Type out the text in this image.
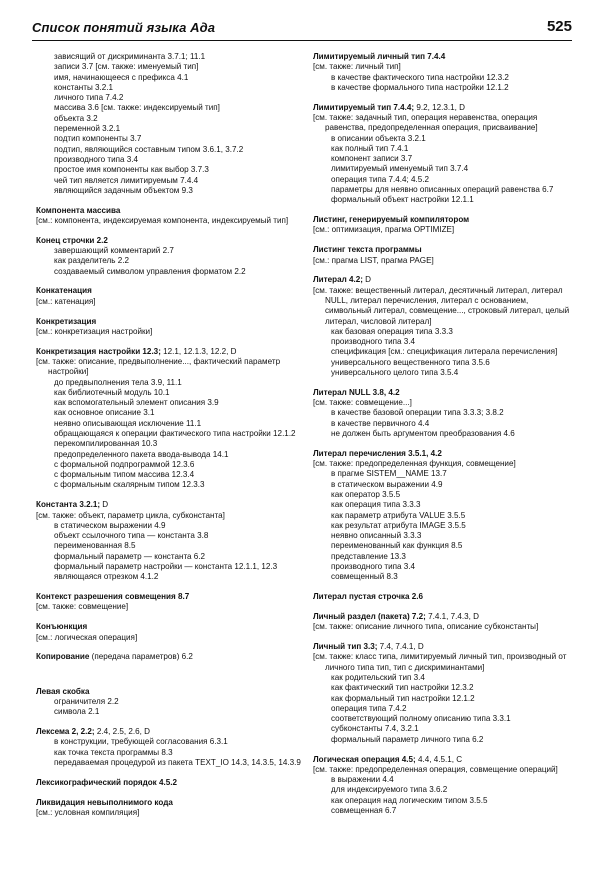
Список понятий языка Ада	525
зависящий от дискриминанта 3.7.1; 11.1
записи 3.7 [см. также: именуемый тип]
имя, начинающееся с префикса 4.1
константы 3.2.1
личного типа 7.4.2
массива 3.6 [см. также: индексируемый тип]
объекта 3.2
переменной 3.2.1
подтип компоненты 3.7
подтип, являющийся составным типом 3.6.1, 3.7.2
производного типа 3.4
простое имя компоненты как выбор 3.7.3
чей тип является лимитируемым 7.4.4
являющийся задачным объектом 9.3
Компонента массива
[см.: компонента, индексируемая компонента, индексируемый тип]
Конец строчки 2.2
завершающий комментарий 2.7
как разделитель 2.2
создаваемый символом управления форматом 2.2
Конкатенация
[см.: катенация]
Конкретизация
[см.: конкретизация настройки]
Конкретизация настройки 12.3; 12.1, 12.1.3, 12.2, D
[см. также: описание, предвыполнение..., фактический параметр настройки]
до предвыполнения тела 3.9, 11.1
как библиотечный модуль 10.1
как вспомогательный элемент описания 3.9
как основное описание 3.1
неявно описывающая исключение 11.1
обращающаяся к операции фактического типа настройки 12.1.2
перекомпилированная 10.3
предопределенного пакета ввода-вывода 14.1
с формальной подпрограммой 12.3.6
с формальным типом массива 12.3.4
с формальным скалярным типом 12.3.3
Константа 3.2.1; D
[см. также: объект, параметр цикла, субконстанта]
в статическом выражении 4.9
объект ссылочного типа — константа 3.8
переименованная 8.5
формальный параметр — константа 6.2
формальный параметр настройки — константа 12.1.1, 12.3
являющаяся отрезком 4.1.2
Контекст разрешения совмещения 8.7
[см. также: совмещение]
Конъюнкция
[см.: логическая операция]
Копирование (передача параметров) 6.2
Левая скобка
ограничителя 2.2
символа 2.1
Лексема 2, 2.2; 2.4, 2.5, 2.6, D
в конструкции, требующей согласования 6.3.1
как точка текста программы 8.3
передаваемая процедурой из пакета TEXT_IO 14.3, 14.3.5, 14.3.9
Лексикографический порядок 4.5.2
Ликвидация невыполнимого кода
[см.: условная компиляция]
Лимитируемый личный тип 7.4.4
[см. также: личный тип]
в качестве фактического типа настройки 12.3.2
в качестве формального типа настройки 12.1.2
Лимитируемый тип 7.4.4; 9.2, 12.3.1, D
[см. также: задачный тип, операция неравенства, операция равенства, предопределенная операция, присваивание]
в описании объекта 3.2.1
как полный тип 7.4.1
компонент записи 3.7
лимитируемый именуемый тип 3.7.4
операция типа 7.4.4; 4.5.2
параметры для неявно описанных операций равенства 6.7
формальный объект настройки 12.1.1
Листинг, генерируемый компилятором
[см.: оптимизация, прагма OPTIMIZE]
Листинг текста программы
[см.: прагма LIST, прагма PAGE]
Литерал 4.2; D
[см. также: вещественный литерал, десятичный литерал, литерал NULL, литерал перечисления, литерал с основанием, символьный литерал, совмещение..., строковый литерал, целый литерал, числовой литерал]
как базовая операция типа 3.3.3
производного типа 3.4
спецификация [см.: спецификация литерала перечисления]
универсального вещественного типа 3.5.6
универсального целого типа 3.5.4
Литерал NULL 3.8, 4.2
[см. также: совмещение...]
в качестве базовой операции типа 3.3.3; 3.8.2
в качестве первичного 4.4
не должен быть аргументом преобразования 4.6
Литерал перечисления 3.5.1, 4.2
[см. также: предопределенная функция, совмещение]
в прагме SISTEM__NAME 13.7
в статическом выражении 4.9
как оператор 3.5.5
как операция типа 3.3.3
как параметр атрибута VALUE 3.5.5
как результат атрибута IMAGE 3.5.5
неявно описанный 3.3.3
переименованный как функция 8.5
представление 13.3
производного типа 3.4
совмещенный 8.3
Литерал пустая строчка 2.6
Личный раздел (пакета) 7.2; 7.4.1, 7.4.3, D
[см. также: описание личного типа, описание субконстанты]
Личный тип 3.3; 7.4, 7.4.1, D
[см. также: класс типа, лимитируемый личный тип, производный от личного типа тип, тип с дискриминантами]
как родительский тип 3.4
как фактический тип настройки 12.3.2
как формальный тип настройки 12.1.2
операция типа 7.4.2
соответствующий полному описанию типа 3.3.1
субконстанты 7.4, 3.2.1
формальный параметр личного типа 6.2
Логическая операция 4.5; 4.4, 4.5.1, C
[см. также: предопределенная операция, совмещение операций]
в выражении 4.4
для индексируемого типа 3.6.2
как операция над логическим типом 3.5.5
совмещенная 6.7
